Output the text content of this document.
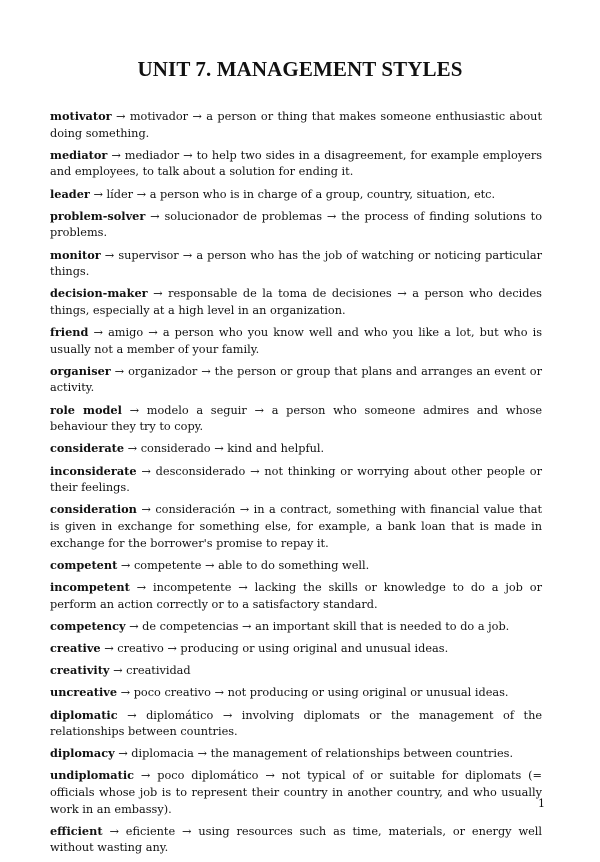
UNIT 7. MANAGEMENT STYLES

motivator → motivador → a person or thing that makes someone enthusiastic about doing something.

mediator → mediador → to help two sides in a disagreement, for example employers and employees, to talk about a solution for ending it.

leader → líder → a person who is in charge of a group, country, situation, etc.

problem-solver → solucionador de problemas → the process of finding solutions to problems.

monitor → supervisor → a person who has the job of watching or noticing particular things.

decision-maker → responsable de la toma de decisiones → a person who decides things, especially at a high level in an organization.

friend → amigo → a person who you know well and who you like a lot, but who is usually not a member of your family.

organiser → organizador → the person or group that plans and arranges an event or activity.

role model → modelo a seguir → a person who someone admires and whose behaviour they try to copy.

considerate → considerado → kind and helpful.

inconsiderate → desconsiderado → not thinking or worrying about other people or their feelings.

consideration → consideración → in a contract, something with financial value that is given in exchange for something else, for example, a bank loan that is made in exchange for the borrower's promise to repay it.

competent → competente → able to do something well.

incompetent → incompetente → lacking the skills or knowledge to do a job or perform an action correctly or to a satisfactory standard.

competency → de competencias → an important skill that is needed to do a job.

creative → creativo → producing or using original and unusual ideas.

creativity → creatividad

uncreative → poco creativo → not producing or using original or unusual ideas.

diplomatic → diplomático → involving diplomats or the management of the relationships between countries.

diplomacy → diplomacia → the management of relationships between countries.

undiplomatic → poco diplomático → not typical of or suitable for diplomats (= officials whose job is to represent their country in another country, and who usually work in an embassy).

efficient → eficiente → using resources such as time, materials, or energy well without wasting any.

1
